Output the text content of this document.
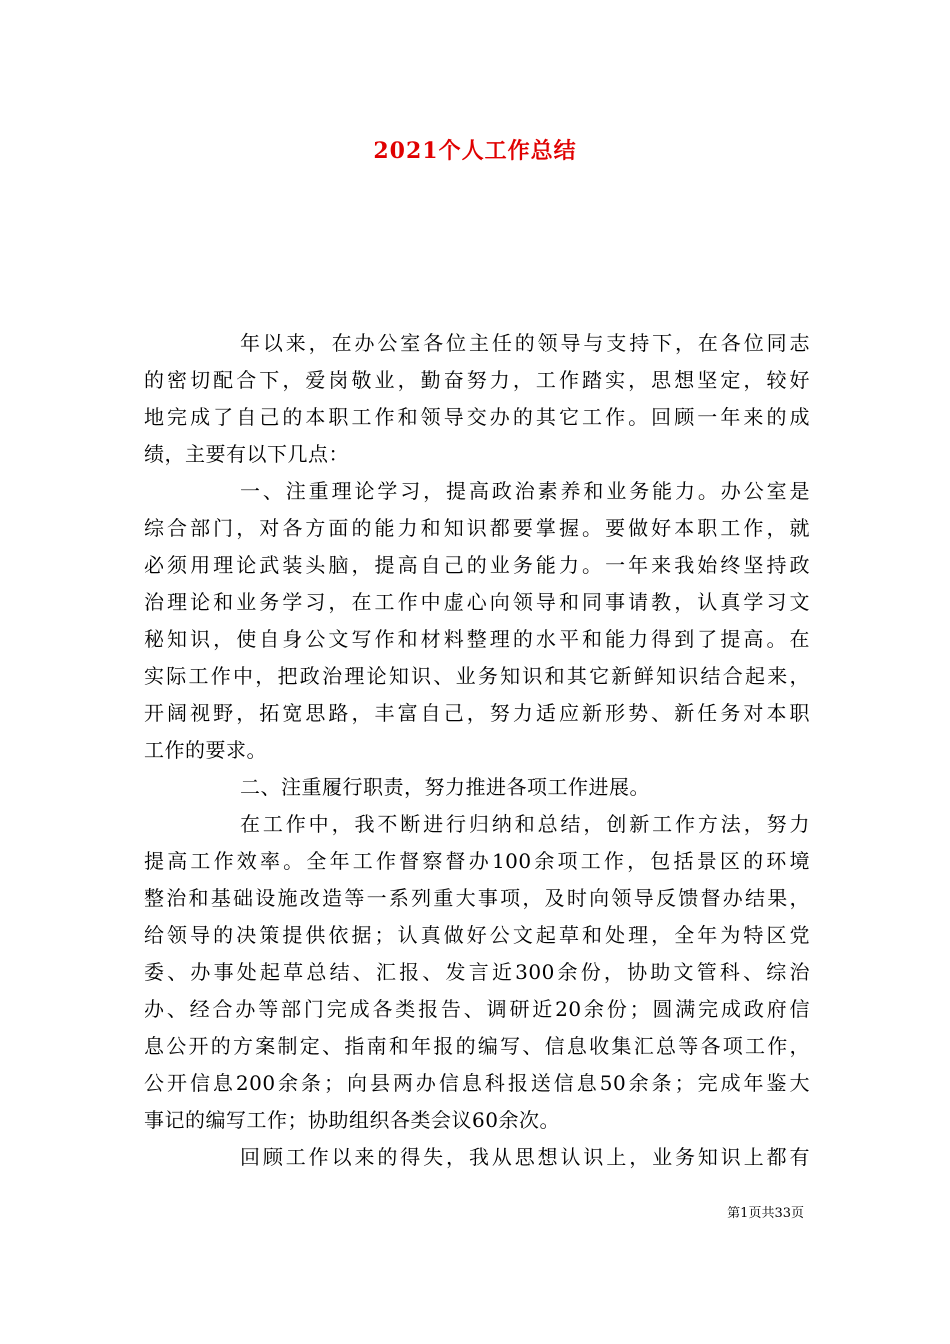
2021个人工作总结
年以来，在办公室各位主任的领导与支持下，在各位同志
的密切配合下，爱岗敬业，勤奋努力，工作踏实，思想坚定，较好
地完成了自己的本职工作和领导交办的其它工作。回顾一年来的成
绩，主要有以下几点：
一、注重理论学习，提高政治素养和业务能力。办公室是
综合部门，对各方面的能力和知识都要掌握。要做好本职工作，就
必须用理论武装头脑，提高自己的业务能力。一年来我始终坚持政
治理论和业务学习，在工作中虚心向领导和同事请教，认真学习文
秘知识，使自身公文写作和材料整理的水平和能力得到了提高。在
实际工作中，把政治理论知识、业务知识和其它新鲜知识结合起来，
开阔视野，拓宽思路，丰富自己，努力适应新形势、新任务对本职
工作的要求。
二、注重履行职责，努力推进各项工作进展。
在工作中，我不断进行归纳和总结，创新工作方法，努力
提高工作效率。全年工作督察督办100余项工作，包括景区的环境
整治和基础设施改造等一系列重大事项，及时向领导反馈督办结果，
给领导的决策提供依据；认真做好公文起草和处理，全年为特区党
委、办事处起草总结、汇报、发言近300余份，协助文管科、综治
办、经合办等部门完成各类报告、调研近20余份；圆满完成政府信
息公开的方案制定、指南和年报的编写、信息收集汇总等各项工作，
公开信息200余条；向县两办信息科报送信息50余条；完成年鉴大
事记的编写工作；协助组织各类会议60余次。
回顾工作以来的得失，我从思想认识上，业务知识上都有
第1页共33页
